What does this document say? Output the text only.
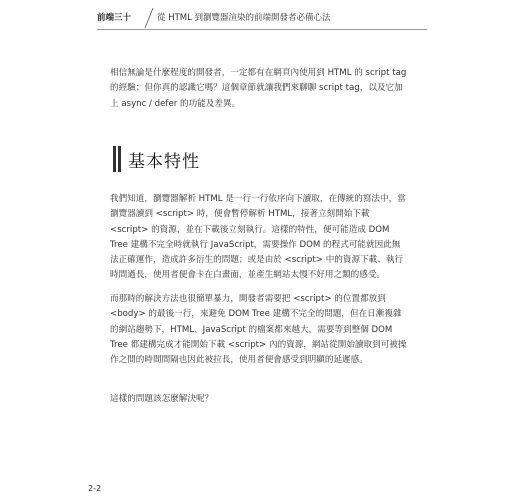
前端三十	從 HTML 到瀏覽器渲染的前端開發者必備心法

相信無論是什麼程度的開發者，一定都有在網頁內使用到 HTML 的 script tag 的經驗；但你真的認識它嗎？這個章節就讓我們來聊聊 script tag，以及它加上 async / defer 的功能及差異。

基本特性

我們知道，瀏覽器解析 HTML 是一行一行依序向下讀取，在傳統的寫法中，當瀏覽器讀到 <script> 時，便會暫停解析 HTML，接著立刻開始下載 <script> 的資源，並在下載後立刻執行。這樣的特性，便可能造成 DOM Tree 建構不完全時就執行 JavaScript，需要操作 DOM 的程式可能就因此無法正確運作，造成許多衍生的問題；或是由於 <script> 中的資源下載、執行時間過長，使用者便會卡在白畫面，並產生網站太慢不好用之類的感受。

而那時的解決方法也很簡單暴力，開發者需要把 <script> 的位置都放到 <body> 的最後一行，來避免 DOM Tree 建構不完全的問題，但在日漸複雜的網站趨勢下，HTML、JavaScript 的檔案都來越大，需要等到整個 DOM Tree 都建構完成才能開始下載 <script> 內的資源，網站從開始讀取到可被操作之間的時間間隔也因此被拉長，使用者便會感受到明顯的延遲感。

這樣的問題該怎麼解決呢？

2-2
